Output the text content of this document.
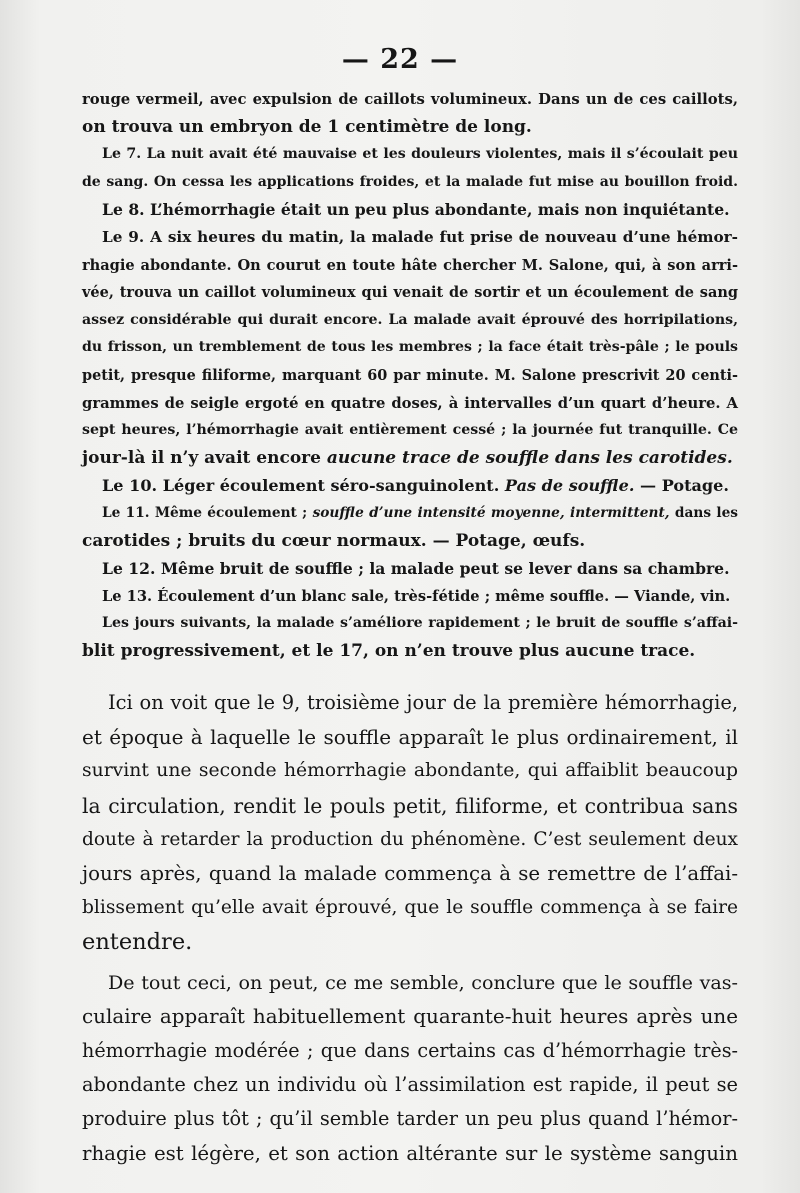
— 22 —
rouge vermeil, avec expulsion de caillots volumineux. Dans un de ces caillots,
on trouva un embryon de 1 centimètre de long.
Le 7. La nuit avait été mauvaise et les douleurs violentes, mais il s’écoulait peu
de sang. On cessa les applications froides, et la malade fut mise au bouillon froid.
Le 8. L’hémorrhagie était un peu plus abondante, mais non inquiétante.
Le 9. A six heures du matin, la malade fut prise de nouveau d’une hémor-
rhagie abondante. On courut en toute hâte chercher M. Salone, qui, à son arri-
vée, trouva un caillot volumineux qui venait de sortir et un écoulement de sang
assez considérable qui durait encore. La malade avait éprouvé des horripilations,
du frisson, un tremblement de tous les membres ; la face était très-pâle ; le pouls
petit, presque filiforme, marquant 60 par minute. M. Salone prescrivit 20 centi-
grammes de seigle ergoté en quatre doses, à intervalles d’un quart d’heure. A
sept heures, l’hémorrhagie avait entièrement cessé ; la journée fut tranquille. Ce
jour-là il n’y avait encore aucune trace de souffle dans les carotides.
Le 10. Léger écoulement séro-sanguinolent. Pas de souffle. — Potage.
Le 11. Même écoulement ; souffle d’une intensité moyenne, intermittent, dans les
carotides ; bruits du cœur normaux. — Potage, œufs.
Le 12. Même bruit de souffle ; la malade peut se lever dans sa chambre.
Le 13. Écoulement d’un blanc sale, très-fétide ; même souffle. — Viande, vin.
Les jours suivants, la malade s’améliore rapidement ; le bruit de souffle s’affai-
blit progressivement, et le 17, on n’en trouve plus aucune trace.
Ici on voit que le 9, troisième jour de la première hémorrhagie,
et époque à laquelle le souffle apparaît le plus ordinairement, il
survint une seconde hémorrhagie abondante, qui affaiblit beaucoup
la circulation, rendit le pouls petit, filiforme, et contribua sans
doute à retarder la production du phénomène. C’est seulement deux
jours après, quand la malade commença à se remettre de l’affai-
blissement qu’elle avait éprouvé, que le souffle commença à se faire
entendre.
De tout ceci, on peut, ce me semble, conclure que le souffle vas-
culaire apparaît habituellement quarante-huit heures après une
hémorrhagie modérée ; que dans certains cas d’hémorrhagie très-
abondante chez un individu où l’assimilation est rapide, il peut se
produire plus tôt ; qu’il semble tarder un peu plus quand l’hémor-
rhagie est légère, et son action altérante sur le système sanguin
